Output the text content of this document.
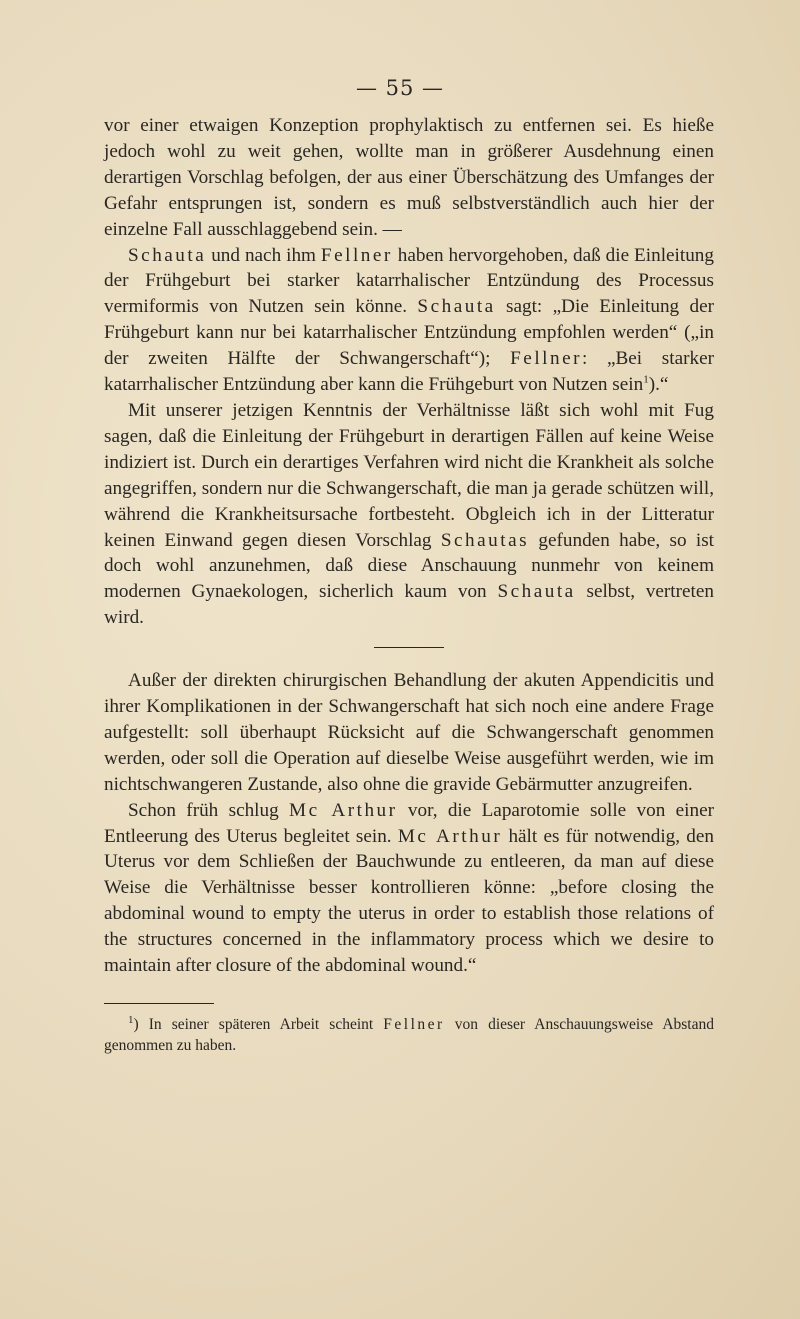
— 55 —

vor einer etwaigen Konzeption prophylaktisch zu entfernen sei. Es hieße jedoch wohl zu weit gehen, wollte man in größerer Ausdehnung einen derartigen Vorschlag befolgen, der aus einer Überschätzung des Umfanges der Gefahr entsprungen ist, sondern es muß selbstverständlich auch hier der einzelne Fall ausschlaggebend sein. —

Schauta und nach ihm Fellner haben hervorgehoben, daß die Einleitung der Frühgeburt bei starker katarrhalischer Entzündung des Processus vermiformis von Nutzen sein könne. Schauta sagt: „Die Einleitung der Frühgeburt kann nur bei katarrhalischer Entzündung empfohlen werden“ („in der zweiten Hälfte der Schwangerschaft“); Fellner: „Bei starker katarrhalischer Entzündung aber kann die Frühgeburt von Nutzen sein$^1$).“

Mit unserer jetzigen Kenntnis der Verhältnisse läßt sich wohl mit Fug sagen, daß die Einleitung der Frühgeburt in derartigen Fällen auf keine Weise indiziert ist. Durch ein derartiges Verfahren wird nicht die Krankheit als solche angegriffen, sondern nur die Schwangerschaft, die man ja gerade schützen will, während die Krankheitsursache fortbesteht. Obgleich ich in der Litteratur keinen Einwand gegen diesen Vorschlag Schautas gefunden habe, so ist doch wohl anzunehmen, daß diese Anschauung nunmehr von keinem modernen Gynaekologen, sicherlich kaum von Schauta selbst, vertreten wird.

Außer der direkten chirurgischen Behandlung der akuten Appendicitis und ihrer Komplikationen in der Schwangerschaft hat sich noch eine andere Frage aufgestellt: soll überhaupt Rücksicht auf die Schwangerschaft genommen werden, oder soll die Operation auf dieselbe Weise ausgeführt werden, wie im nichtschwangeren Zustande, also ohne die gravide Gebärmutter anzugreifen.

Schon früh schlug Mc Arthur vor, die Laparotomie solle von einer Entleerung des Uterus begleitet sein. Mc Arthur hält es für notwendig, den Uterus vor dem Schließen der Bauchwunde zu entleeren, da man auf diese Weise die Verhältnisse besser kontrollieren könne: „before closing the abdominal wound to empty the uterus in order to establish those relations of the structures concerned in the inflammatory process which we desire to maintain after closure of the abdominal wound.“

$^1$) In seiner späteren Arbeit scheint Fellner von dieser Anschauungsweise Abstand genommen zu haben.
